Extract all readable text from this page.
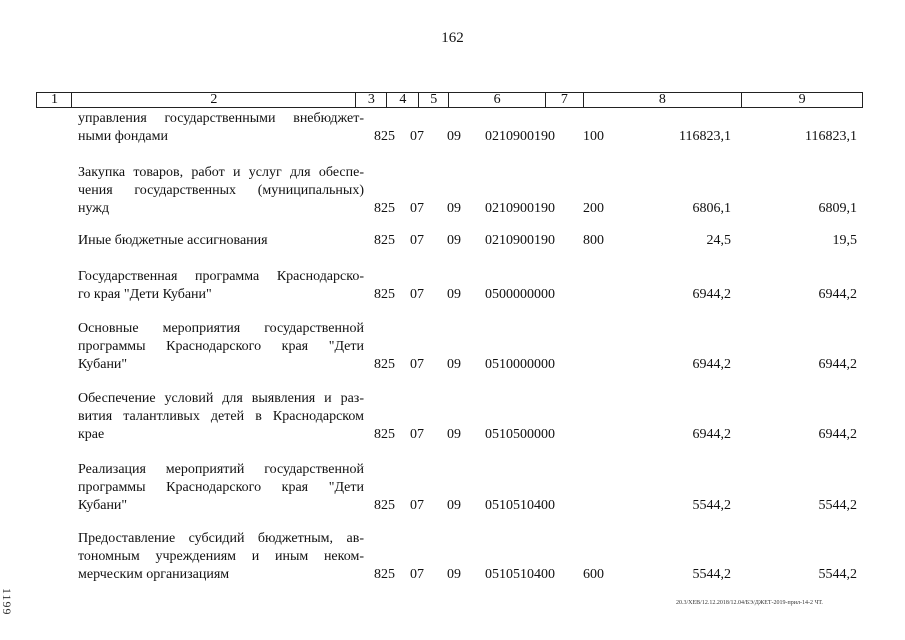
162
1	2	3	4	5	6	7	8	9
управления государственными внебюджет-
ными фондами	825 07 09 0210900190 100	116823,1	116823,1
Закупка товаров, работ и услуг для обеспе-
чения государственных (муниципальных)
нужд	825 07 09 0210900190 200	6806,1	6809,1
Иные бюджетные ассигнования	825 07 09 0210900190 800	24,5	19,5
Государственная программа Краснодарско-
го края "Дети Кубани"	825 07 09 0500000000	6944,2	6944,2
Основные мероприятия государственной
программы Краснодарского края "Дети
Кубани"	825 07 09 0510000000	6944,2	6944,2
Обеспечение условий для выявления и раз-
вития талантливых детей в Краснодарском
крае	825 07 09 0510500000	6944,2	6944,2
Реализация мероприятий государственной
программы Краснодарского края "Дети
Кубани"	825 07 09 0510510400	5544,2	5544,2
Предоставление субсидий бюджетным, ав-
тономным учреждениям и иным неком-
мерческим организациям	825 07 09 0510510400 600	5544,2	5544,2
1199	20.3/ХЕВ/12.12.2018/12.04/БЭ/ДЖЕТ-2019-прил-14-2 ЧТ.
